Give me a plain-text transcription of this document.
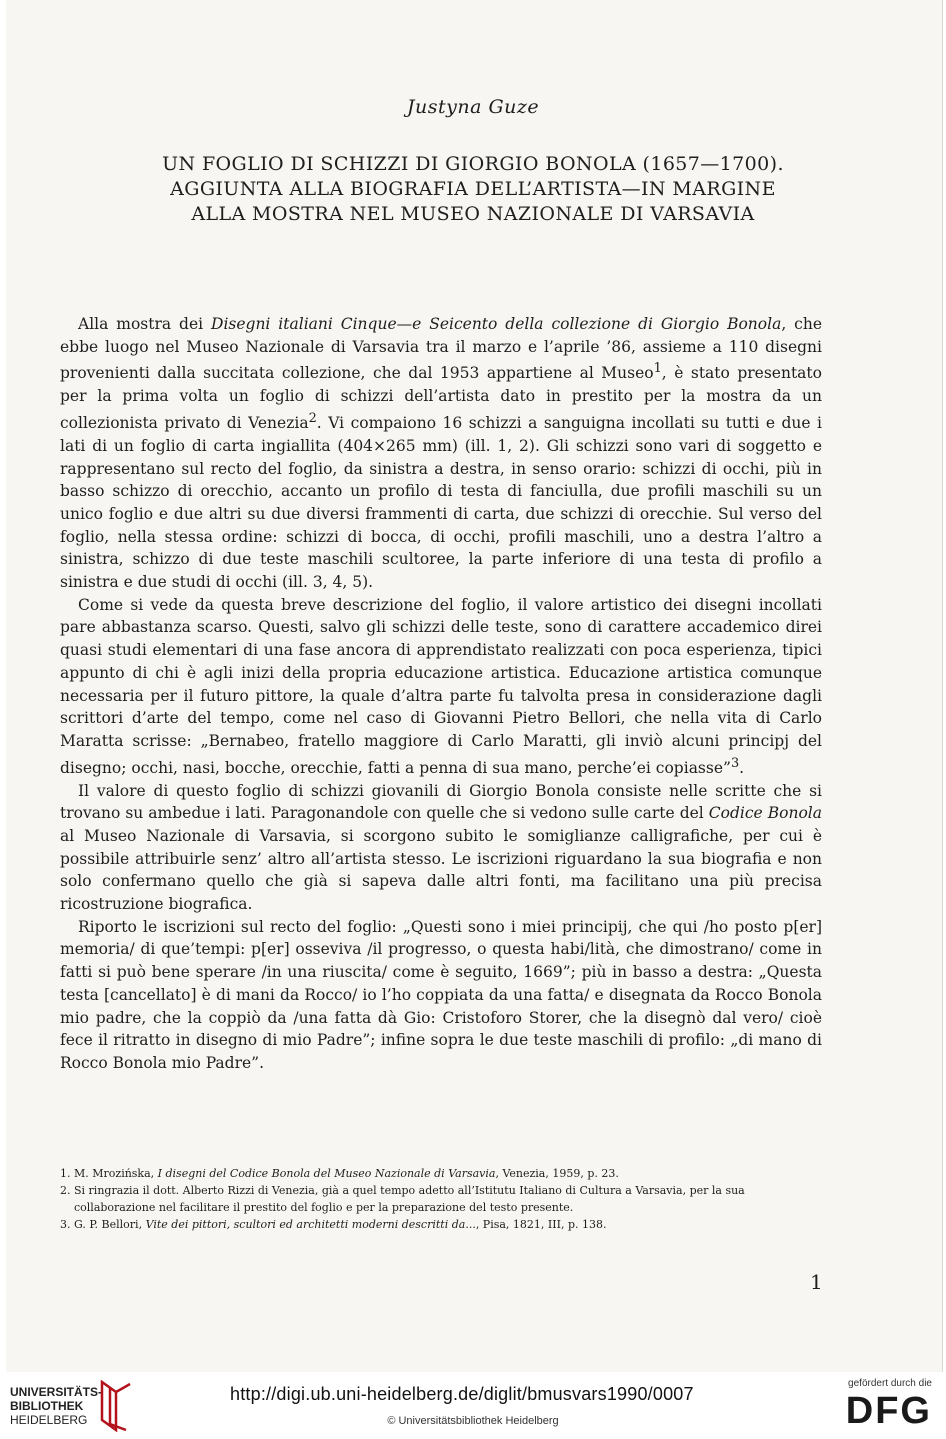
Justyna Guze
UN FOGLIO DI SCHIZZI DI GIORGIO BONOLA (1657—1700).
AGGIUNTA ALLA BIOGRAFIA DELL’ARTISTA—IN MARGINE
ALLA MOSTRA NEL MUSEO NAZIONALE DI VARSAVIA

Alla mostra dei Disegni italiani Cinque—e Seicento della collezione di Giorgio Bonola, che ebbe luogo nel Museo Nazionale di Varsavia tra il marzo e l’aprile ’86, assieme a 110 disegni provenienti dalla succitata collezione, che dal 1953 appartiene al Museo$^1$, è stato presentato per la prima volta un foglio di schizzi dell’artista dato in prestito per la mostra da un collezionista privato di Venezia$^2$. Vi compaiono 16 schizzi a sanguigna incollati su tutti e due i lati di un foglio di carta ingiallita (404×265 mm) (ill. 1, 2). Gli schizzi sono vari di soggetto e rappresentano sul recto del foglio, da sinistra a destra, in senso orario: schizzi di occhi, più in basso schizzo di orecchio, accanto un profilo di testa di fanciulla, due profili maschili su un unico foglio e due altri su due diversi frammenti di carta, due schizzi di orecchie. Sul verso del foglio, nella stessa ordine: schizzi di bocca, di occhi, profili maschili, uno a destra l’altro a sinistra, schizzo di due teste maschili scultoree, la parte inferiore di una testa di profilo a sinistra e due studi di occhi (ill. 3, 4, 5).

Come si vede da questa breve descrizione del foglio, il valore artistico dei disegni incollati pare abbastanza scarso. Questi, salvo gli schizzi delle teste, sono di carattere accademico direi quasi studi elementari di una fase ancora di apprendistato realizzati con poca esperienza, tipici appunto di chi è agli inizi della propria educazione artistica. Educazione artistica comunque necessaria per il futuro pittore, la quale d’altra parte fu talvolta presa in considerazione dagli scrittori d’arte del tempo, come nel caso di Giovanni Pietro Bellori, che nella vita di Carlo Maratta scrisse: „Bernabeo, fratello maggiore di Carlo Maratti, gli inviò alcuni principj del disegno; occhi, nasi, bocche, orecchie, fatti a penna di sua mano, perche’ei copiasse”$^3$.

Il valore di questo foglio di schizzi giovanili di Giorgio Bonola consiste nelle scritte che si trovano su ambedue i lati. Paragonandole con quelle che si vedono sulle carte del Codice Bonola al Museo Nazionale di Varsavia, si scorgono subito le somiglianze calligrafiche, per cui è possibile attribuirle senz’ altro all’artista stesso. Le iscrizioni riguardano la sua biografia e non solo confermano quello che già si sapeva dalle altri fonti, ma facilitano una più precisa ricostruzione biografica.

Riporto le iscrizioni sul recto del foglio: „Questi sono i miei principij, che qui /ho posto p[er] memoria/ di que’tempi: p[er] osseviva /il progresso, o questa habi/lità, che dimostrano/ come in fatti si può bene sperare /in una riuscita/ come è seguito, 1669”; più in basso a destra: „Questa testa [cancellato] è di mani da Rocco/ io l’ho coppiata da una fatta/ e disegnata da Rocco Bonola mio padre, che la coppiò da /una fatta dà Gio: Cristoforo Storer, che la disegnò dal vero/ cioè fece il ritratto in disegno di mio Padre”; infine sopra le due teste maschili di profilo: „di mano di Rocco Bonola mio Padre”.

1. M. Mrozińska, I disegni del Codice Bonola del Museo Nazionale di Varsavia, Venezia, 1959, p. 23.
2. Si ringrazia il dott. Alberto Rizzi di Venezia, già a quel tempo adetto all’Istitutu Italiano di Cultura a Varsavia, per la sua collaborazione nel facilitare il prestito del foglio e per la preparazione del testo presente.
3. G. P. Bellori, Vite dei pittori, scultori ed architetti moderni descritti da..., Pisa, 1821, III, p. 138.
1
UNIVERSITÄTS-
BIBLIOTHEK
HEIDELBERG
http://digi.ub.uni-heidelberg.de/diglit/bmusvars1990/0007
© Universitätsbibliothek Heidelberg
gefördert durch die
DFG
